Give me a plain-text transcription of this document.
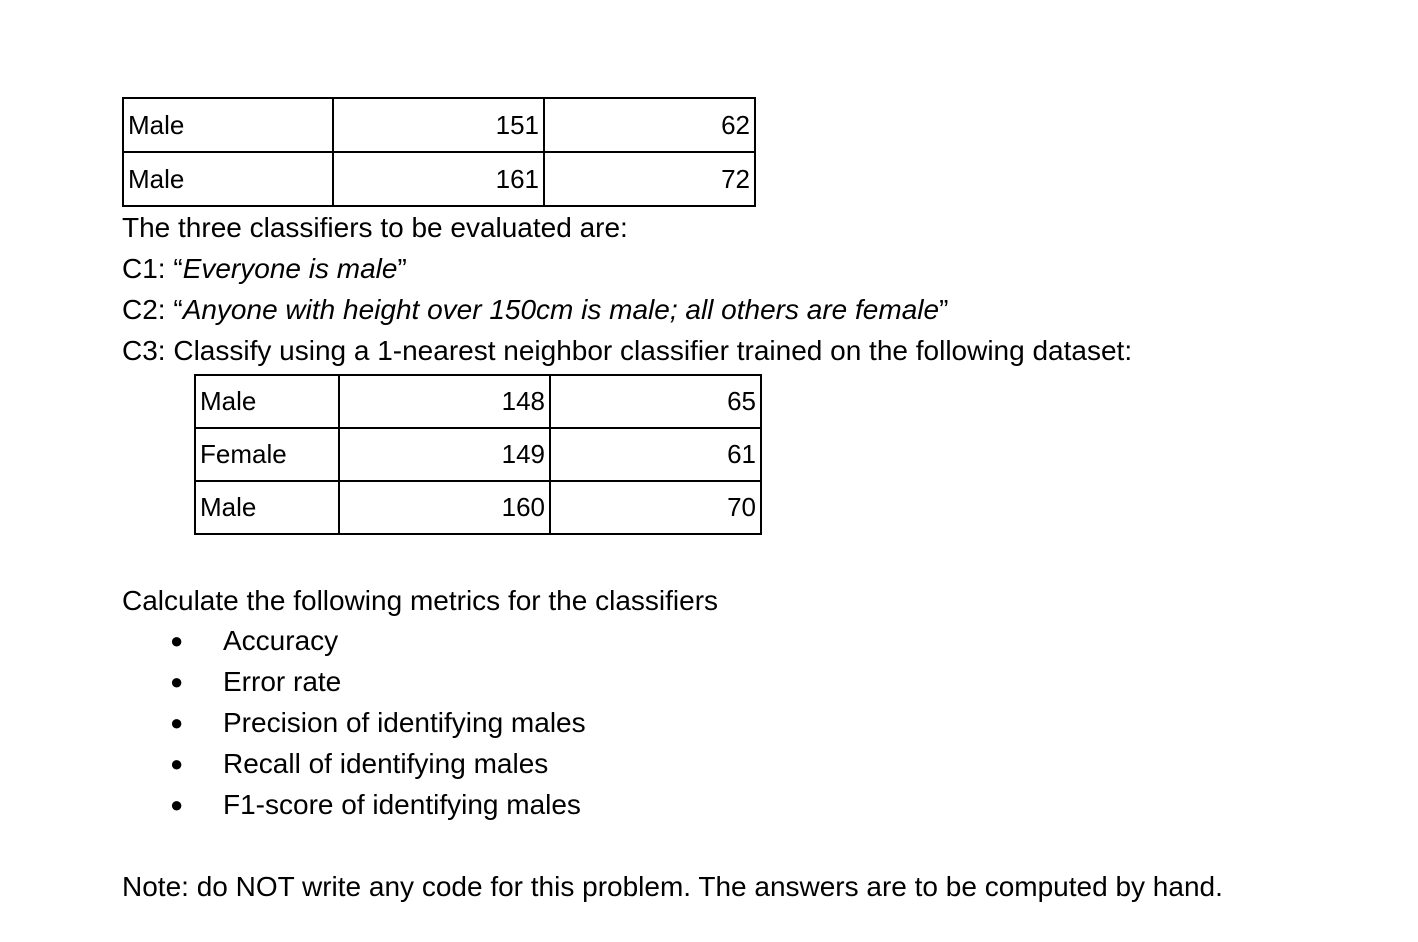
Male	151	62
Male	161	72
The three classifiers to be evaluated are:
C1: “Everyone is male”
C2: “Anyone with height over 150cm is male; all others are female”
C3: Classify using a 1-nearest neighbor classifier trained on the following dataset:
Male	148	65
Female	149	61
Male	160	70
Calculate the following metrics for the classifiers
● Accuracy
● Error rate
● Precision of identifying males
● Recall of identifying males
● F1-score of identifying males
Note: do NOT write any code for this problem. The answers are to be computed by hand.
